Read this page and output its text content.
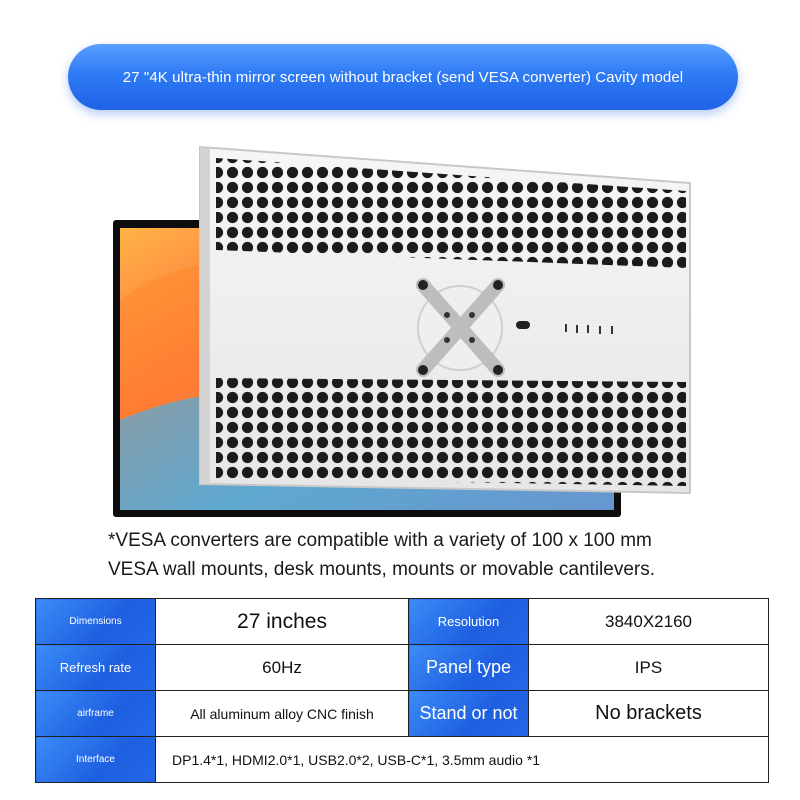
27 "4K ultra-thin mirror screen without bracket (send VESA converter) Cavity model
*VESA converters are compatible with a variety of 100 x 100 mm
VESA wall mounts, desk mounts, mounts or movable cantilevers.
Dimensions	27 inches	Resolution	3840X2160
Refresh rate	60Hz	Panel type	IPS
airframe	All aluminum alloy CNC finish	Stand or not	No brackets
Interface	DP1.4*1, HDMI2.0*1, USB2.0*2, USB-C*1, 3.5mm audio *1		
